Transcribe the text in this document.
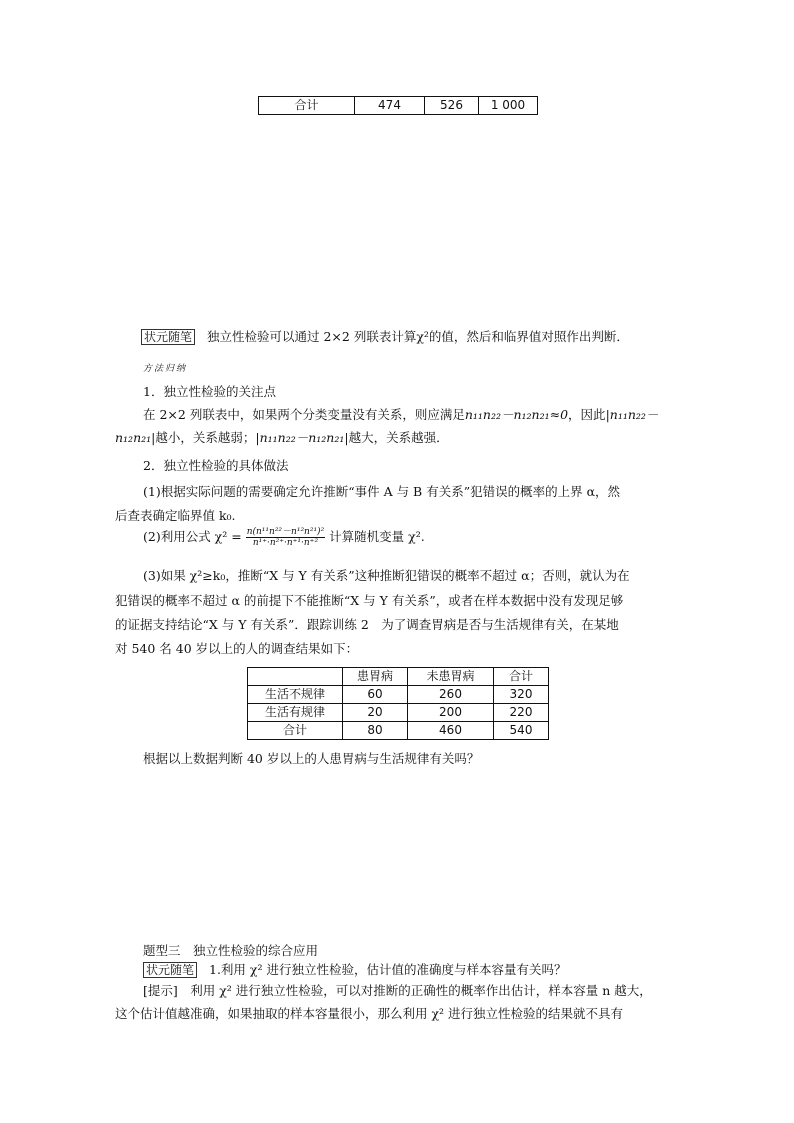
合计	474	526	1 000
状元随笔 独立性检验可以通过 2×2 列联表计算χ²的值，然后和临界值对照作出判断．
方法归纳
1．独立性检验的关注点
在 2×2 列联表中，如果两个分类变量没有关系，则应满足n₁₁n₂₂－n₁₂n₂₁≈0，因此|n₁₁n₂₂－
n₁₂n₂₁|越小，关系越弱；|n₁₁n₂₂－n₁₂n₂₁|越大，关系越强．
2．独立性检验的具体做法
(1)根据实际问题的需要确定允许推断“事件 A 与 B 有关系”犯错误的概率的上界 α，然
后查表确定临界值 k₀.
(2)利用公式 $\chi^2 = \frac{\text{n(n¹¹n²²－n¹²n²¹)²}}{\text{n¹⁺·n²⁺·n⁺¹·n⁺²}}$ 计算随机变量 χ².
(3)如果 χ²≥k₀，推断“X 与 Y 有关系”这种推断犯错误的概率不超过 α；否则，就认为在
犯错误的概率不超过 α 的前提下不能推断“X 与 Y 有关系”，或者在样本数据中没有发现足够
的证据支持结论“X 与 Y 有关系”．跟踪训练 2　为了调查胃病是否与生活规律有关，在某地
对 540 名 40 岁以上的人的调查结果如下：
	患胃病	未患胃病	合计
生活不规律	60	260	320
生活有规律	20	200	220
合计	80	460	540
根据以上数据判断 40 岁以上的人患胃病与生活规律有关吗？
题型三　独立性检验的综合应用
状元随笔 1.利用 χ² 进行独立性检验，估计值的准确度与样本容量有关吗？
[提示]　利用 χ² 进行独立性检验，可以对推断的正确性的概率作出估计，样本容量 n 越大，
这个估计值越准确，如果抽取的样本容量很小，那么利用 χ² 进行独立性检验的结果就不具有
